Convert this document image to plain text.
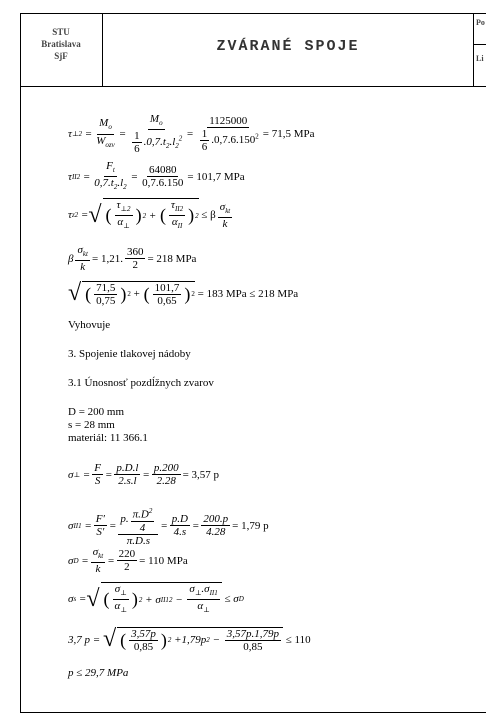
STU
Bratislava
SjF
ZVÁRANÉ SPOJE
Po
Li
τ ⊥2 = $\frac{M_o}{W_{ozv}} = \frac{M_o}{\frac{1}{6} .0,7.t_2.l_2^2} = \frac{1125000}{\frac{1}{6} .0,7.6.150^2} = 71,5$ MPa
τ $II2 = \frac{F_t}{0,7.t_2.l_2} = \frac{64080}{0,7.6.150} = 101,7$ MPa
τ z2 = √ ( $\frac{\tau_{\perp 2}}{\alpha_\perp}$ ) 2 + ( $\frac{\tau_{II2}}{\alpha_{II}}$ ) 2
≤ β $\frac{\sigma_{kt}}{k}$
β $\frac{\sigma_{kt}}{k} = 1,21$. $\frac{360}{2} = 218$ MPa
√ ( $\frac{71,5}{0,75}$ ) 2 + ( $\frac{101,7}{0,65}$ ) 2
= 183 MPa ≤ 218 MPa
Vyhovuje
3. Spojenie tlakovej nádoby
3.1 Únosnosť pozdĺžnych zvarov
D = 200 mm
s = 28 mm
materiál: 11 366.1
σ ⊥ = $\frac{F}{S} = \frac{p.D.l}{2.s.l} = \frac{p.200}{2.28} = 3,57$ p
σ $II1 = \frac{F'}{S'} = \frac{p. \frac{\pi.D^2}{4}}{\pi.D.s} = \frac{p.D}{4.s} = \frac{200.p}{4.28} = 1,79$ p
σ $D = \frac{\sigma_{kt}}{k} = \frac{220}{2} = 110$ MPa
σ s = √ ( $\frac{\sigma_\perp}{\alpha_\perp}$ ) 2 + σ II1 $2 - \frac{\sigma_\perp.\sigma_{II1}}{\alpha_\perp} \le \sigma$ D
3,7 p =
√ ( $\frac{3,57p}{0,85}$ ) 2 +1,79p $2 - \frac{3,57p.1,79p}{0,85}$
≤ 110
p ≤ 29,7 MPa
